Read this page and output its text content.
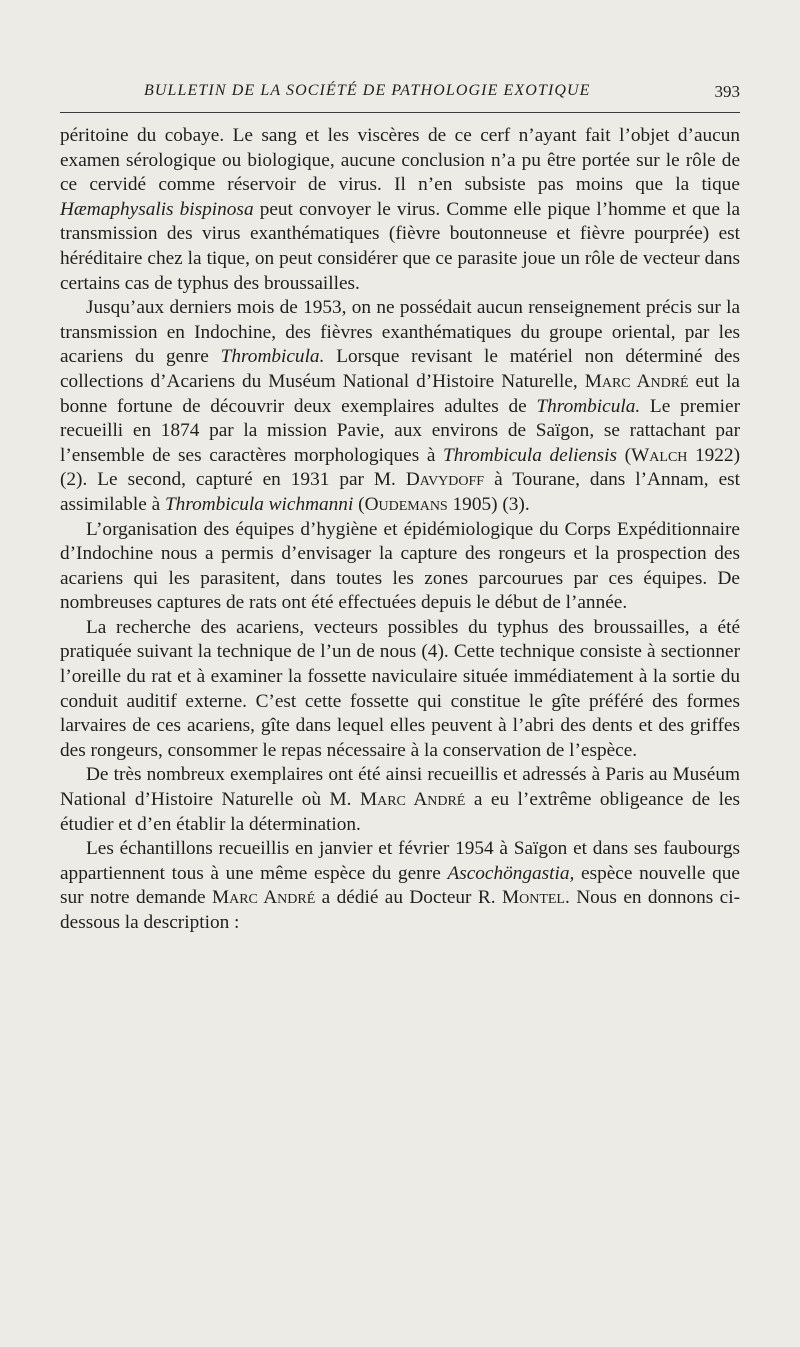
BULLETIN DE LA SOCIÉTÉ DE PATHOLOGIE EXOTIQUE	393

péritoine du cobaye. Le sang et les viscères de ce cerf n’ayant fait l’objet d’aucun examen sérologique ou biologique, aucune conclusion n’a pu être portée sur le rôle de ce cervidé comme réservoir de virus. Il n’en subsiste pas moins que la tique Hæmaphysalis bispinosa peut convoyer le virus. Comme elle pique l’homme et que la transmission des virus exanthématiques (fièvre boutonneuse et fièvre pourprée) est héréditaire chez la tique, on peut considérer que ce parasite joue un rôle de vecteur dans certains cas de typhus des broussailles.

Jusqu’aux derniers mois de 1953, on ne possédait aucun renseignement précis sur la transmission en Indochine, des fièvres exanthématiques du groupe oriental, par les acariens du genre Thrombicula. Lorsque revisant le matériel non déterminé des collections d’Acariens du Muséum National d’Histoire Naturelle, Marc André eut la bonne fortune de découvrir deux exemplaires adultes de Thrombicula. Le premier recueilli en 1874 par la mission Pavie, aux environs de Saïgon, se rattachant par l’ensemble de ses caractères morphologiques à Thrombicula deliensis (Walch 1922) (2). Le second, capturé en 1931 par M. Davydoff à Tourane, dans l’Annam, est assimilable à Thrombicula wichmanni (Oudemans 1905) (3).

L’organisation des équipes d’hygiène et épidémiologique du Corps Expéditionnaire d’Indochine nous a permis d’envisager la capture des rongeurs et la prospection des acariens qui les parasitent, dans toutes les zones parcourues par ces équipes. De nombreuses captures de rats ont été effectuées depuis le début de l’année.

La recherche des acariens, vecteurs possibles du typhus des broussailles, a été pratiquée suivant la technique de l’un de nous (4). Cette technique consiste à sectionner l’oreille du rat et à examiner la fossette naviculaire située immédiatement à la sortie du conduit auditif externe. C’est cette fossette qui constitue le gîte préféré des formes larvaires de ces acariens, gîte dans lequel elles peuvent à l’abri des dents et des griffes des rongeurs, consommer le repas nécessaire à la conservation de l’espèce.

De très nombreux exemplaires ont été ainsi recueillis et adressés à Paris au Muséum National d’Histoire Naturelle où M. Marc André a eu l’extrême obligeance de les étudier et d’en établir la détermination.

Les échantillons recueillis en janvier et février 1954 à Saïgon et dans ses faubourgs appartiennent tous à une même espèce du genre Ascochöngastia, espèce nouvelle que sur notre demande Marc André a dédié au Docteur R. Montel. Nous en donnons ci-dessous la description :
